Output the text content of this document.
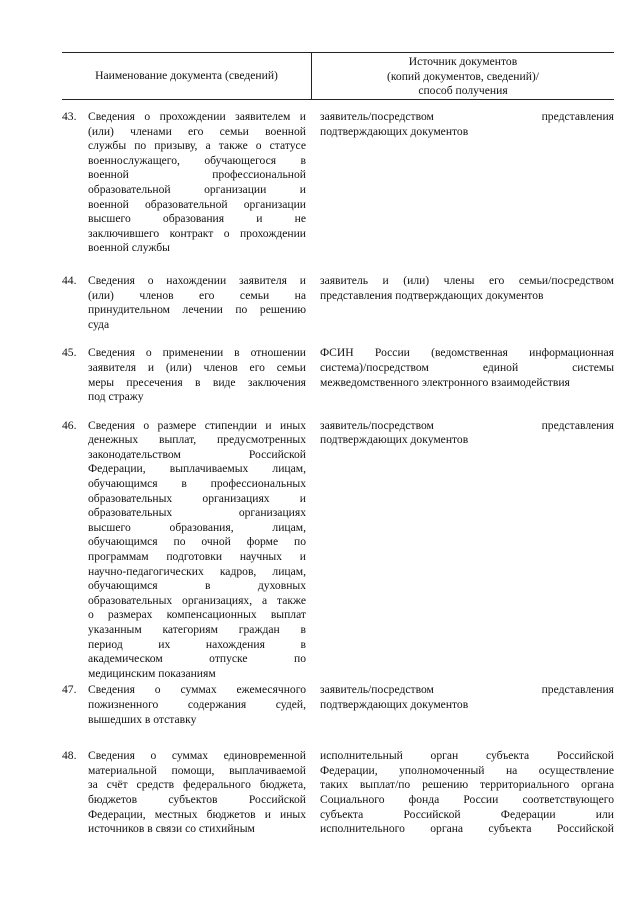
Наименование документа (сведений)
Источник документов
(копий документов, сведений)/
способ получения
43. Сведения о прохождении заявителем и
(или) членами его семьи военной
службы по призыву, а также о статусе
военнослужащего, обучающегося в
военной профессиональной
образовательной организации и
военной образовательной организации
высшего образования и не
заключившего контракт о прохождении
военной службы
заявитель/посредством представления
подтверждающих документов
44. Сведения о нахождении заявителя и
(или) членов его семьи на
принудительном лечении по решению
суда
заявитель и (или) члены его семьи/посредством
представления подтверждающих документов
45. Сведения о применении в отношении
заявителя и (или) членов его семьи
меры пресечения в виде заключения
под стражу
ФСИН России (ведомственная информационная
система)/посредством единой системы
межведомственного электронного взаимодействия
46. Сведения о размере стипендии и иных
денежных выплат, предусмотренных
законодательством Российской
Федерации, выплачиваемых лицам,
обучающимся в профессиональных
образовательных организациях и
образовательных организациях
высшего образования, лицам,
обучающимся по очной форме по
программам подготовки научных и
научно-педагогических кадров, лицам,
обучающимся в духовных
образовательных организациях, а также
о размерах компенсационных выплат
указанным категориям граждан в
период их нахождения в
академическом отпуске по
медицинским показаниям
заявитель/посредством представления
подтверждающих документов
47. Сведения о суммах ежемесячного
пожизненного содержания судей,
вышедших в отставку
заявитель/посредством представления
подтверждающих документов
48. Сведения о суммах единовременной
материальной помощи, выплачиваемой
за счёт средств федерального бюджета,
бюджетов субъектов Российской
Федерации, местных бюджетов и иных
источников в связи со стихийным
исполнительный орган субъекта Российской
Федерации, уполномоченный на осуществление
таких выплат/по решению территориального органа
Социального фонда России соответствующего
субъекта Российской Федерации или
исполнительного органа субъекта Российской
